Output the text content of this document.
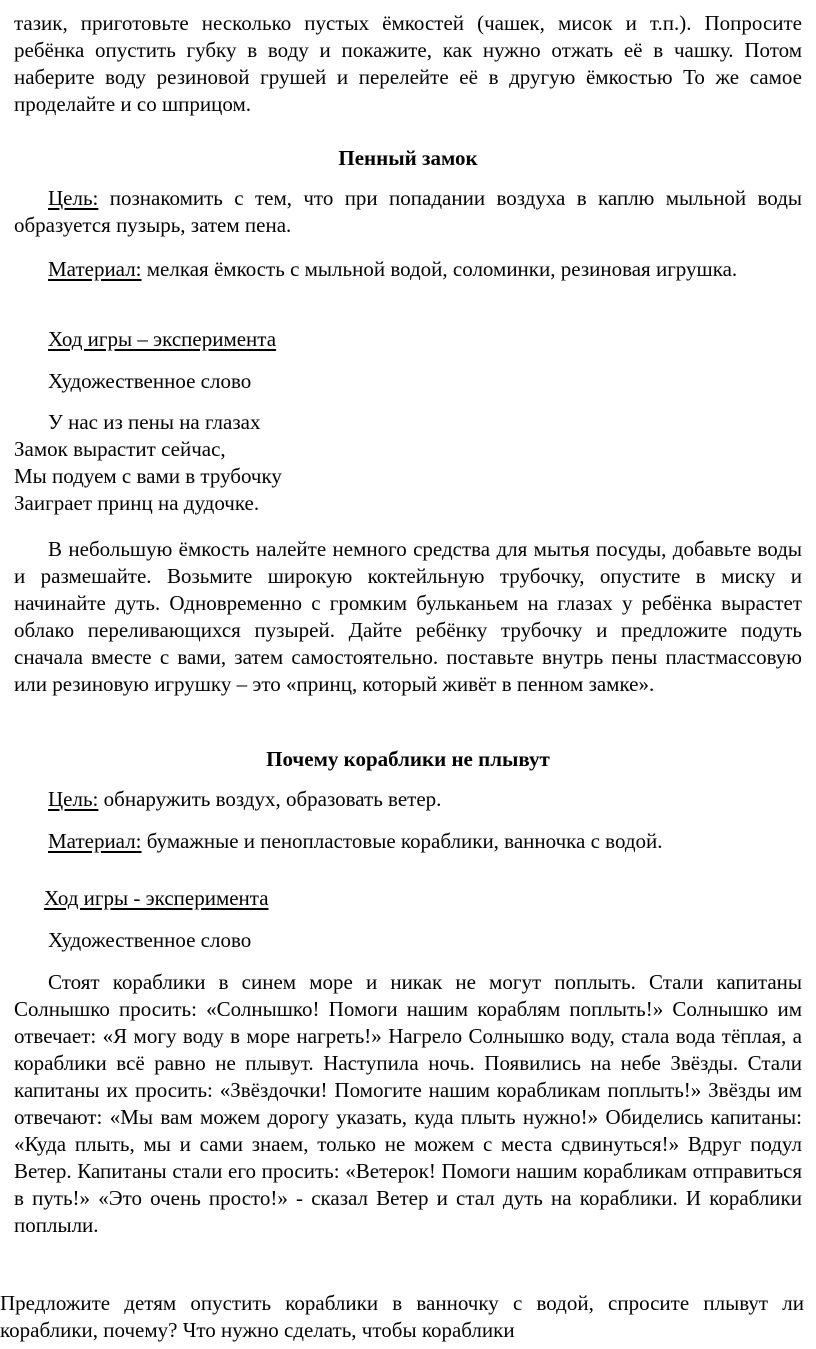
тазик, приготовьте несколько пустых ёмкостей (чашек, мисок и т.п.). Попросите ребёнка опустить губку в воду и покажите, как нужно отжать её в чашку. Потом наберите воду резиновой грушей и перелейте её в другую ёмкостью То же самое проделайте и со шприцом.

Пенный замок

Цель: познакомить с тем, что при попадании воздуха в каплю мыльной воды образуется пузырь, затем пена.

Материал: мелкая ёмкость с мыльной водой, соломинки, резиновая игрушка.

Ход игры – эксперимента

Художественное слово

У нас из пены на глазах
Замок вырастит сейчас,
Мы подуем с вами в трубочку
Заиграет принц на дудочке.

В небольшую ёмкость налейте немного средства для мытья посуды, добавьте воды и размешайте. Возьмите широкую коктейльную трубочку, опустите в миску и начинайте дуть. Одновременно с громким бульканьем на глазах у ребёнка вырастет облако переливающихся пузырей. Дайте ребёнку трубочку и предложите подуть сначала вместе с вами, затем самостоятельно. поставьте внутрь пены пластмассовую или резиновую игрушку – это «принц, который живёт в пенном замке».

Почему кораблики не плывут

Цель: обнаружить воздух, образовать ветер.

Материал: бумажные и пенопластовые кораблики, ванночка с водой.

Ход игры - эксперимента

Художественное слово

Стоят кораблики в синем море и никак не могут поплыть. Стали капитаны Солнышко просить: «Солнышко! Помоги нашим кораблям поплыть!» Солнышко им отвечает: «Я могу воду в море нагреть!» Нагрело Солнышко воду, стала вода тёплая, а кораблики всё равно не плывут. Наступила ночь. Появились на небе Звёзды. Стали капитаны их просить: «Звёздочки! Помогите нашим корабликам поплыть!» Звёзды им отвечают: «Мы вам можем дорогу указать, куда плыть нужно!» Обиделись капитаны: «Куда плыть, мы и сами знаем, только не можем с места сдвинуться!» Вдруг подул Ветер. Капитаны стали его просить: «Ветерок! Помоги нашим корабликам отправиться в путь!» «Это очень просто!» - сказал Ветер и стал дуть на кораблики. И кораблики поплыли.

Предложите детям опустить кораблики в ванночку с водой, спросите плывут ли кораблики, почему? Что нужно сделать, чтобы кораблики
